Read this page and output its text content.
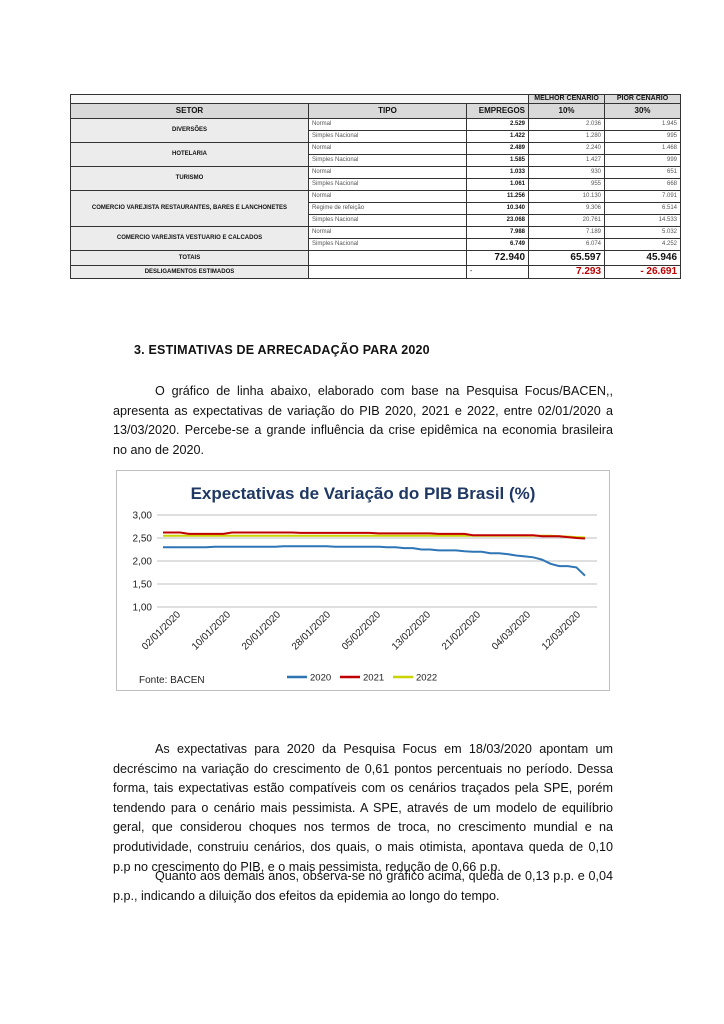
			MELHOR CENÁRIO	PIOR CENÁRIO
SETOR	TIPO	EMPREGOS	10%	30%
DIVERSÕES	Normal	2.529	2.036	1.945
	Simples Nacional	1.422	1.280	995
HOTELARIA	Normal	2.489	2.240	1.468
	Simples Nacional	1.585	1.427	999
TURISMO	Normal	1.033	930	651
	Simples Nacional	1.061	955	668
COMERCIO VAREJISTA RESTAURANTES, BARES E LANCHONETES	Normal	11.256	10.130	7.091
	Regime de refeição	10.340	9.306	6.514
	Simples Nacional	23.068	20.761	14.533
COMERCIO VAREJISTA VESTUARIO E CALCADOS	Normal	7.988	7.189	5.032
	Simples Nacional	6.749	6.074	4.252
TOTAIS		72.940	65.597	45.946
DESLIGAMENTOS ESTIMADOS		-	7.293	- 26.691
3. ESTIMATIVAS DE ARRECADAÇÃO PARA 2020
O gráfico de linha abaixo, elaborado com base na Pesquisa Focus/BACEN,, apresenta as expectativas de variação do PIB 2020, 2021 e 2022, entre 02/01/2020 a 13/03/2020. Percebe-se a grande influência da crise epidêmica na economia brasileira no ano de 2020.
Expectativas de Variação do PIB Brasil (%)
3,00
2,50
2,00
1,50
1,00
02/01/2020 10/01/2020 20/01/2020 28/01/2020 05/02/2020 13/02/2020 21/02/2020 04/03/2020 12/03/2020
2020	2021	2022
Fonte: BACEN
As expectativas para 2020 da Pesquisa Focus em 18/03/2020 apontam um decréscimo na variação do crescimento de 0,61 pontos percentuais no período. Dessa forma, tais expectativas estão compatíveis com os cenários traçados pela SPE, porém tendendo para o cenário mais pessimista. A SPE, através de um modelo de equilíbrio geral, que considerou choques nos termos de troca, no crescimento mundial e na produtividade, construiu cenários, dos quais, o mais otimista, apontava queda de 0,10 p.p no crescimento do PIB, e o mais pessimista, redução de 0,66 p.p.
Quanto aos demais anos, observa-se no gráfico acima, queda de 0,13 p.p. e 0,04 p.p., indicando a diluição dos efeitos da epidemia ao longo do tempo.
